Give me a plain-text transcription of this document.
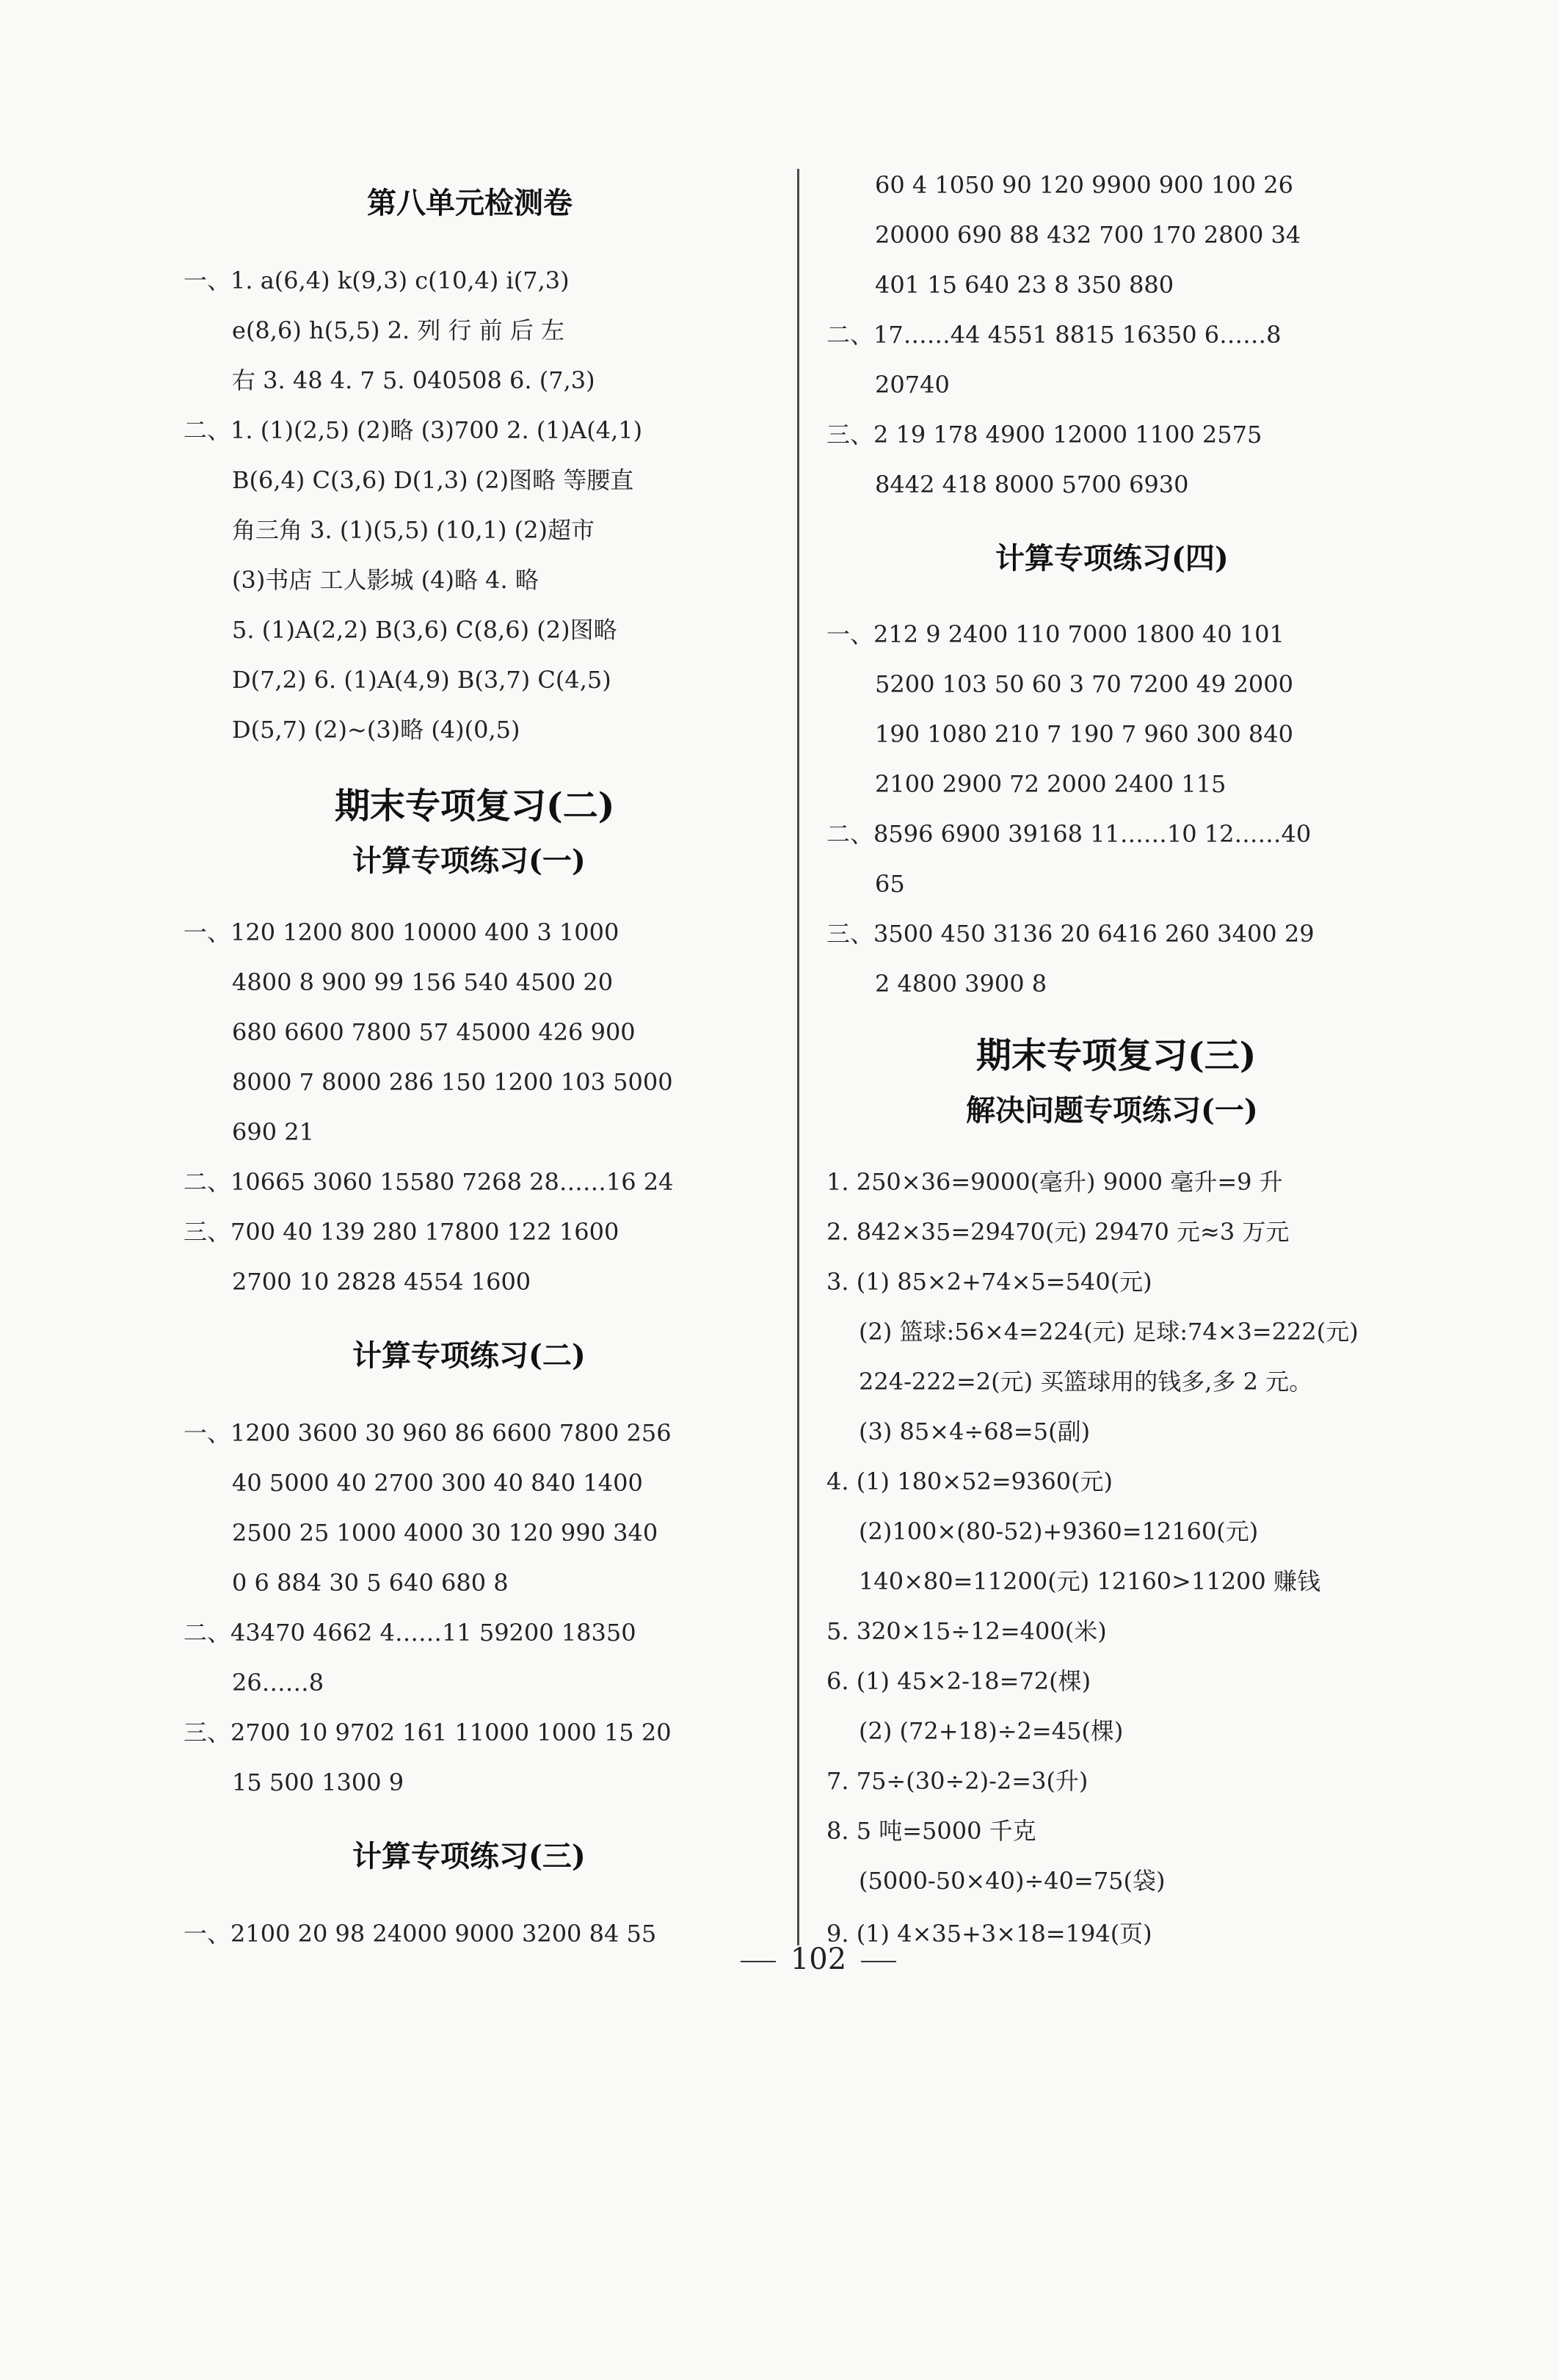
第八单元检测卷
一、1. a(6,4) k(9,3) c(10,4) i(7,3)
e(8,6) h(5,5) 2. 列 行 前 后 左
右 3. 48 4. 7 5. 040508 6. (7,3)
二、1. (1)(2,5) (2)略 (3)700 2. (1)A(4,1)
B(6,4) C(3,6) D(1,3) (2)图略 等腰直
角三角 3. (1)(5,5) (10,1) (2)超市
(3)书店 工人影城 (4)略 4. 略
5. (1)A(2,2) B(3,6) C(8,6) (2)图略
D(7,2) 6. (1)A(4,9) B(3,7) C(4,5)
D(5,7) (2)~(3)略 (4)(0,5)
期末专项复习(二)
计算专项练习(一)
一、120 1200 800 10000 400 3 1000
4800 8 900 99 156 540 4500 20
680 6600 7800 57 45000 426 900
8000 7 8000 286 150 1200 103 5000
690 21
二、10665 3060 15580 7268 28……16 24
三、700 40 139 280 17800 122 1600
2700 10 2828 4554 1600
计算专项练习(二)
一、1200 3600 30 960 86 6600 7800 256
40 5000 40 2700 300 40 840 1400
2500 25 1000 4000 30 120 990 340
0 6 884 30 5 640 680 8
二、43470 4662 4……11 59200 18350
26……8
三、2700 10 9702 161 11000 1000 15 20
15 500 1300 9
计算专项练习(三)
一、2100 20 98 24000 9000 3200 84 55
60 4 1050 90 120 9900 900 100 26
20000 690 88 432 700 170 2800 34
401 15 640 23 8 350 880
二、17……44 4551 8815 16350 6……8
20740
三、2 19 178 4900 12000 1100 2575
8442 418 8000 5700 6930
计算专项练习(四)
一、212 9 2400 110 7000 1800 40 101
5200 103 50 60 3 70 7200 49 2000
190 1080 210 7 190 7 960 300 840
2100 2900 72 2000 2400 115
二、8596 6900 39168 11……10 12……40
65
三、3500 450 3136 20 6416 260 3400 29
2 4800 3900 8
期末专项复习(三)
解决问题专项练习(一)
1. 250×36=9000(毫升) 9000 毫升=9 升
2. 842×35=29470(元) 29470 元≈3 万元
3. (1) 85×2+74×5=540(元)
(2) 篮球:56×4=224(元) 足球:74×3=222(元)
224-222=2(元) 买篮球用的钱多,多 2 元。
(3) 85×4÷68=5(副)
4. (1) 180×52=9360(元)
(2)100×(80-52)+9360=12160(元)
140×80=11200(元) 12160>11200 赚钱
5. 320×15÷12=400(米)
6. (1) 45×2-18=72(棵)
(2) (72+18)÷2=45(棵)
7. 75÷(30÷2)-2=3(升)
8. 5 吨=5000 千克
(5000-50×40)÷40=75(袋)
9. (1) 4×35+3×18=194(页)
102
